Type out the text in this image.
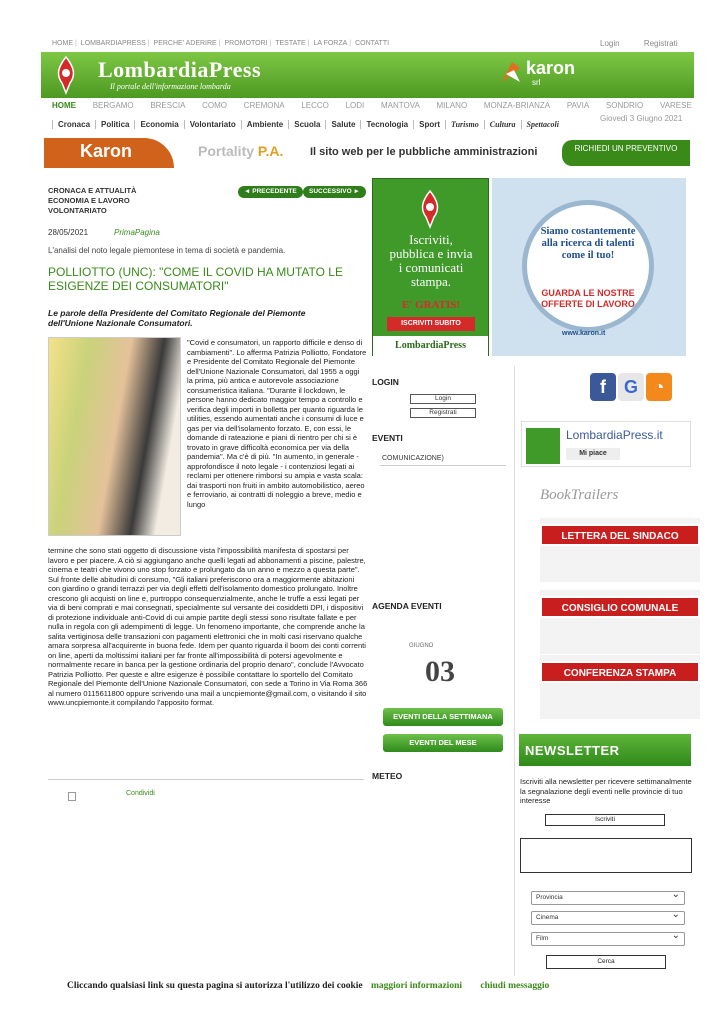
HOME | LOMBARDIAPRESS | PERCHE' ADERIRE | PROMOTORI | TESTATE | LA FORZA | CONTATTI	Login	Registrati
LombardiaPress
Il portale dell'informazione lombarda
karon
srl
HOME BERGAMO BRESCIA COMO CREMONA LECCO LODI MANTOVA MILANO MONZA-BRIANZA PAVIA SONDRIO VARESE
Cronaca	Politica	Economia	Volontariato	Ambiente	Scuola	Salute	Tecnologia	Sport	Turismo	Cultura	Spettacoli
Giovedì 3 Giugno 2021
Karon	Portality P.A. Il sito web per le pubbliche amministrazioni	RICHIEDI UN PREVENTIVO
CRONACA E ATTUALITÀ
ECONOMIA E LAVORO
VOLONTARIATO
◄ PRECEDENTE	SUCCESSIVO ►
28/05/2021	PrimaPagina
L'analisi del noto legale piemontese in tema di società e pandemia.
POLLIOTTO (UNC): "COME IL COVID HA MUTATO LE ESIGENZE DEI CONSUMATORI"
Le parole della Presidente del Comitato Regionale del Piemonte dell'Unione Nazionale Consumatori.
"Covid e consumatori, un rapporto difficile e denso di cambiamenti". Lo afferma Patrizia Polliotto, Fondatore e Presidente del Comitato Regionale del Piemonte dell'Unione Nazionale Consumatori, dal 1955 a oggi la prima, più antica e autorevole associazione consumeristica italiana. "Durante il lockdown, le persone hanno dedicato maggior tempo a controllo e verifica degli importi in bolletta per quanto riguarda le utilities, essendo aumentati anche i consumi di luce e gas per via dell'isolamento forzato. E, con essi, le domande di rateazione e piani di rientro per chi si è trovato in grave difficoltà economica per via della pandemia". Ma c'è di più. "In aumento, in generale - approfondisce il noto legale - i contenziosi legati ai reclami per ottenere rimborsi su ampia e vasta scala: dai trasporti non fruiti in ambito automobilistico, aereo e ferroviario, ai contratti di noleggio a breve, medio e lungo
termine che sono stati oggetto di discussione vista l'impossibilità manifesta di spostarsi per lavoro e per piacere. A ciò si aggiungano anche quelli legati ad abbonamenti a piscine, palestre, cinema e teatri che vivono uno stop forzato e prolungato da un anno e mezzo a questa parte". Sul fronte delle abitudini di consumo, "Gli italiani preferiscono ora a maggiormente abitazioni con giardino o grandi terrazzi per via degli effetti dell'isolamento domestico prolungato. Inoltre crescono gli acquisti on line e, purtroppo consequenzialmente, anche le truffe a essi legati per via di beni comprati e mai consegnati, specialmente sul versante dei cosiddetti DPI, i dispositivi di protezione individuale anti-Covid di cui ampie partite degli stessi sono risultate fallate e per nulla in regola con gli adempimenti di legge. Un fenomeno importante, che comprende anche la salita vertiginosa delle transazioni con pagamenti elettronici che in molti casi riservano qualche amara sorpresa all'acquirente in buona fede. Idem per quanto riguarda il boom dei conti correnti on line, aperti da moltissimi italiani per far fronte all'impossibilità di potersi agevolmente e normalmente recare in banca per la gestione ordinaria del proprio denaro", conclude l'Avvocato Patrizia Polliotto. Per queste e altre esigenze è possibile contattare lo sportello del Comitato Regionale del Piemonte dell'Unione Nazionale Consumatori, con sede a Torino in Via Roma 366 al numero 0115611800 oppure scrivendo una mail a uncpiemonte@gmail.com, o visitando il sito www.uncpiemonte.it compilando l'apposito format.
Condividi
Iscriviti,
pubblica e invia
i comunicati
stampa.
E' GRATIS!
ISCRIVITI SUBITO
LombardiaPress
Siamo costantemente
alla ricerca di talenti
come il tuo!
GUARDA LE NOSTRE
OFFERTE DI LAVORO
www.karon.it
LOGIN
Login
Registrati
EVENTI
COMUNICAZIONE)
AGENDA EVENTI
GIUGNO
03
EVENTI DELLA SETTIMANA
EVENTI DEL MESE
METEO
f G ◔
LombardiaPress.it
Mi piace
BookTrailers
LETTERA DEL SINDACO
CONSIGLIO COMUNALE
CONFERENZA STAMPA
NEWSLETTER
Iscriviti alla newsletter per ricevere settimanalmente la segnalazione degli eventi nelle provincie di tuo interesse
Iscriviti
Provincia ⌄
Cinema ⌄
Film ⌄
Cerca
Cliccando qualsiasi link su questa pagina si autorizza l'utilizzo dei cookie maggiori informazioni chiudi messaggio
